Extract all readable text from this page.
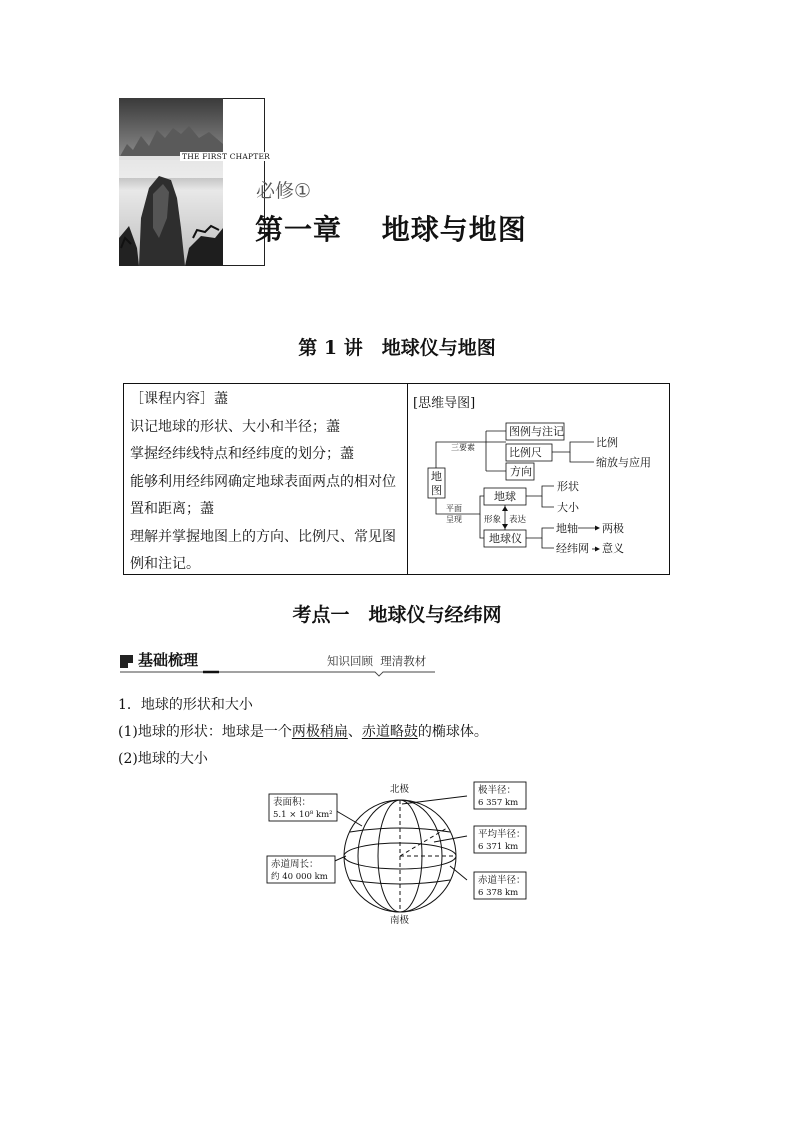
THE FIRST CHAPTER
必修①
第一章　 地球与地图
第 1 讲　地球仪与地图
［课程内容］藎
识记地球的形状、大小和半径；藎
掌握经纬线特点和经纬度的划分；藎
能够利用经纬网确定地球表面两点的相对位
置和距离；藎
理解并掌握地图上的方向、比例尺、常见图
例和注记。
[思维导图]
地
图
三要素
图例与注记
比例尺
方向
比例
缩放与应用
平面
呈现
地球
形状
大小
形象 表达
地球仪
地轴 两极
经纬网 意义
考点一　地球仪与经纬网
基础梳理	知识回顾  理清教材
1．地球的形状和大小
(1)地球的形状：地球是一个两极稍扁、赤道略鼓的椭球体。
(2)地球的大小
北极
南极
表面积：
5.1 × 10⁸ km²
赤道周长：
约 40 000 km
极半径：
6 357 km
平均半径：
6 371 km
赤道半径：
6 378 km
